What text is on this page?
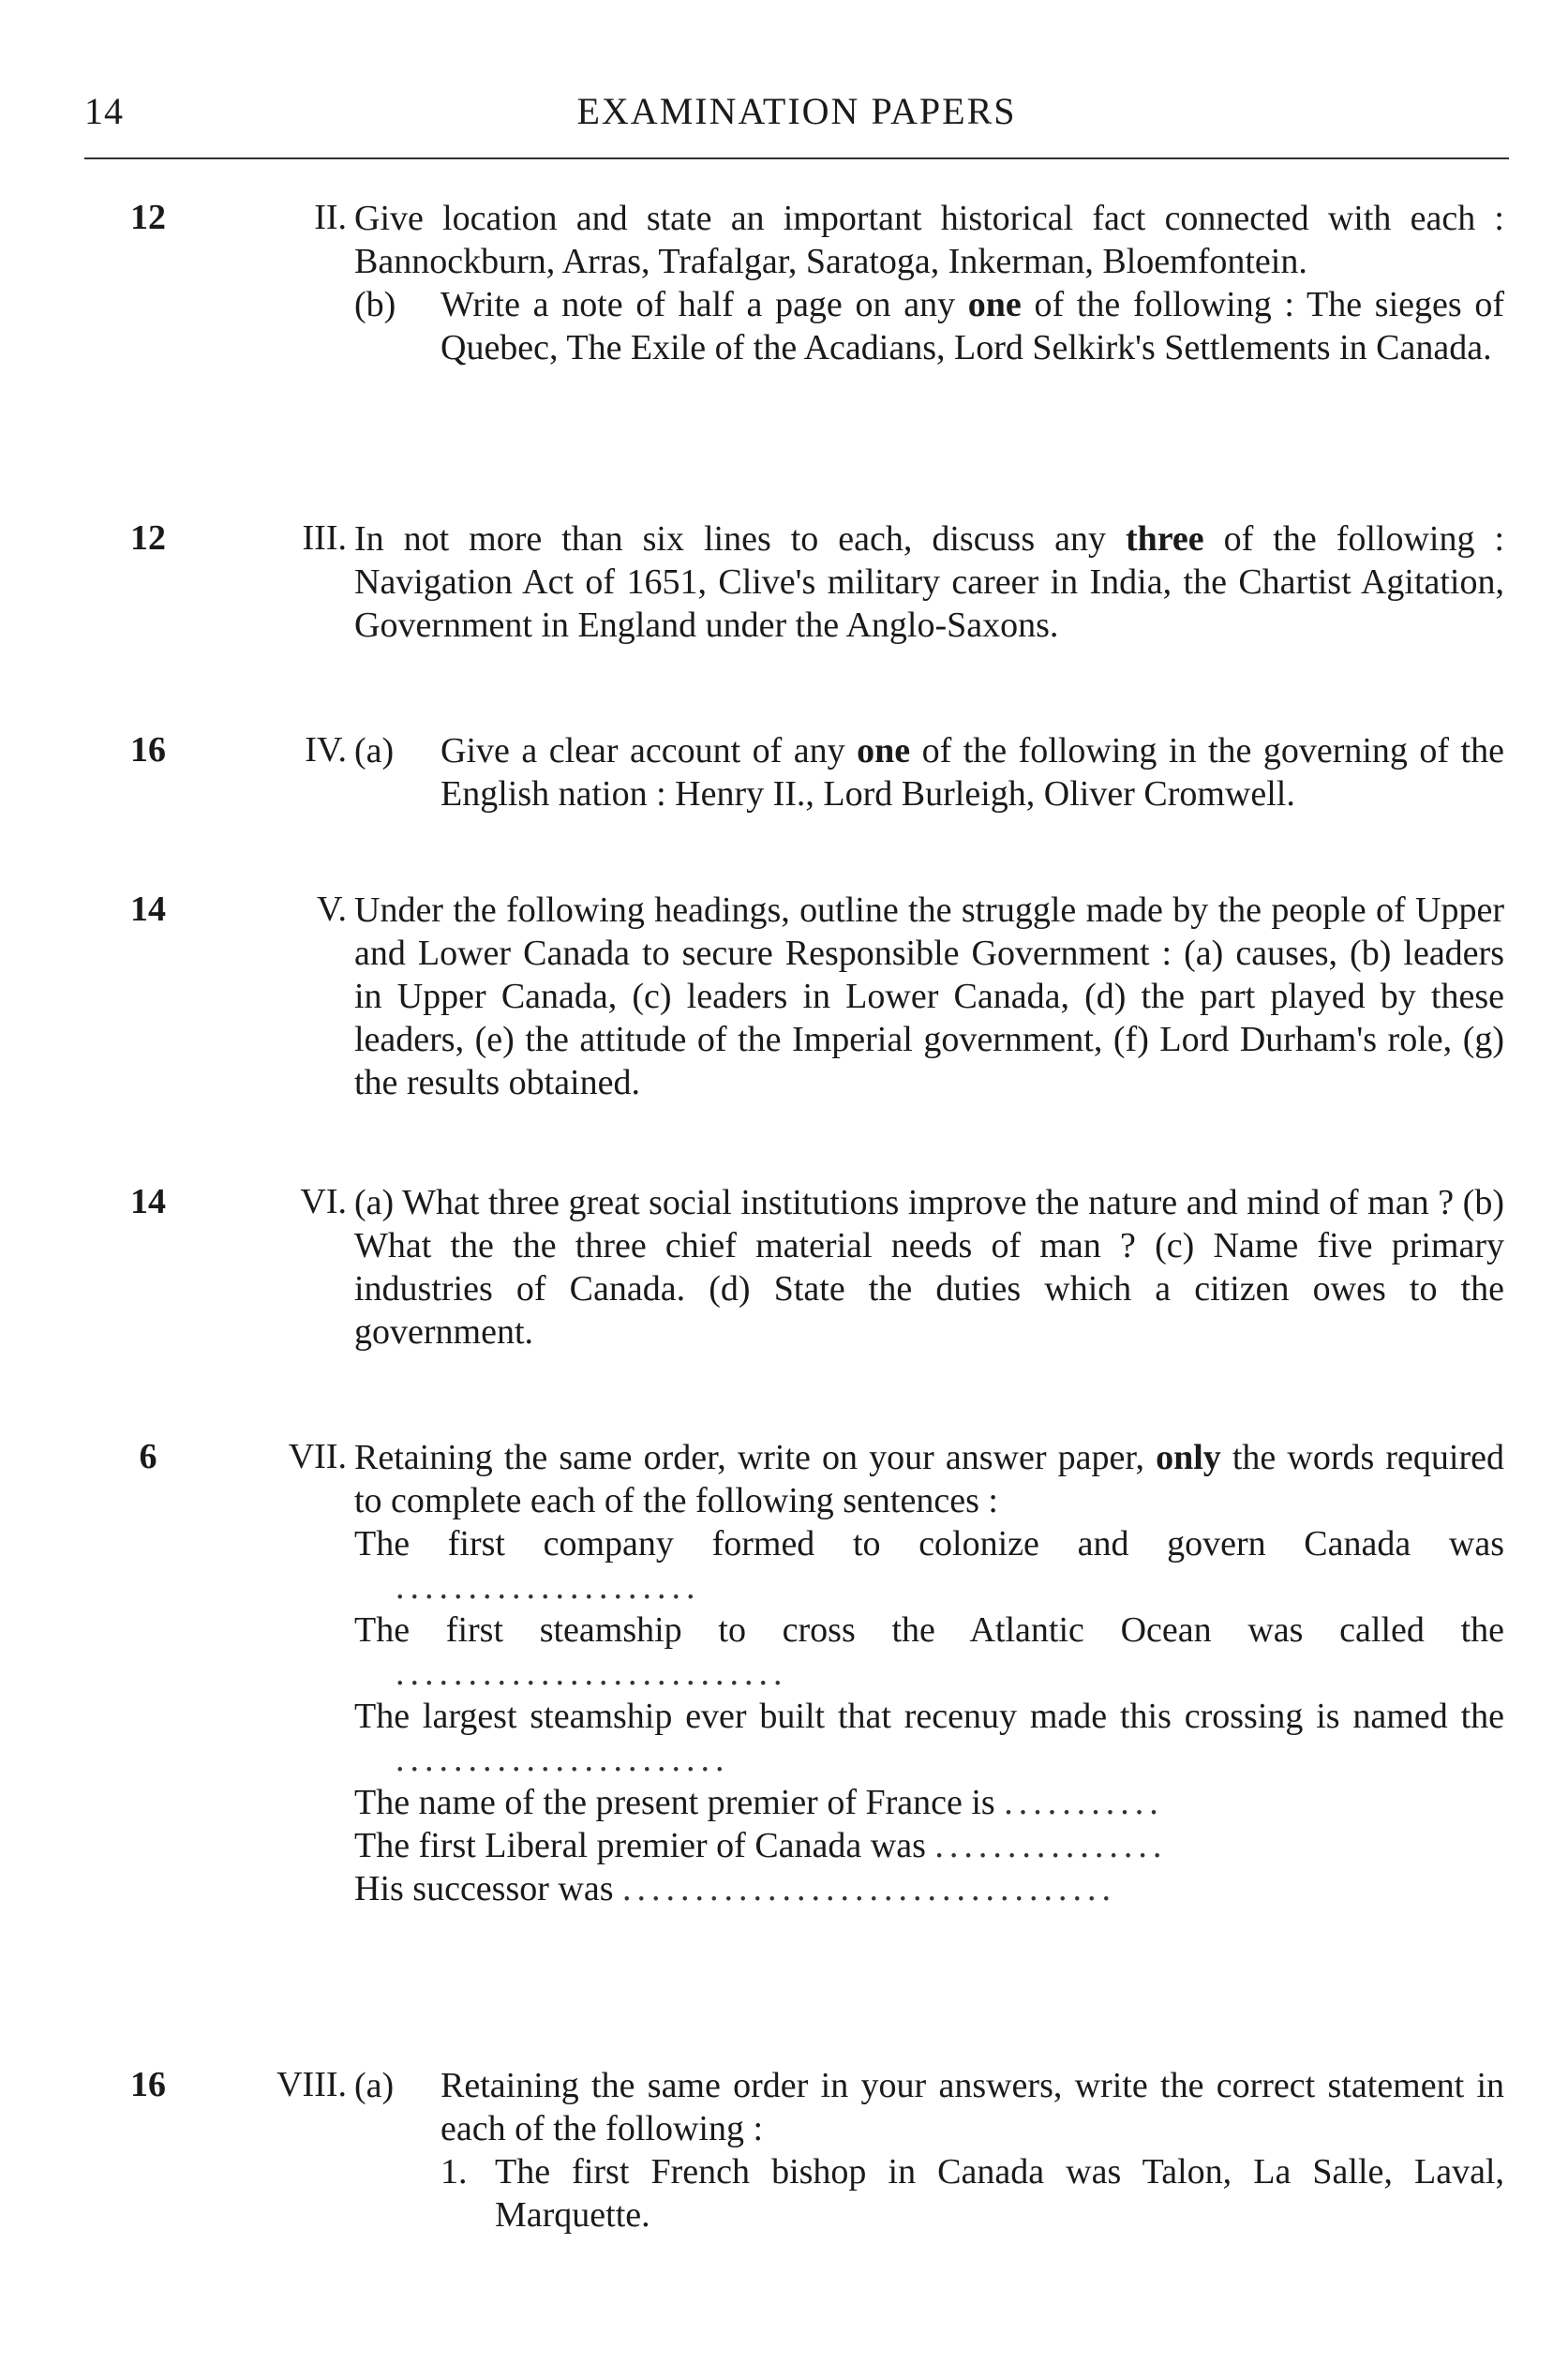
14	EXAMINATION PAPERS
12	II. Give location and state an important historical fact connected with each : Bannockburn, Arras, Trafalgar, Saratoga, Inkerman, Bloemfontein.

(b) Write a note of half a page on any one of the following : The sieges of Quebec, The Exile of the Acadians, Lord Selkirk's Settlements in Canada.

12	III. In not more than six lines to each, discuss any three of the following : Navigation Act of 1651, Clive's military career in India, the Chartist Agitation, Government in England under the Anglo-Saxons.

16	IV. (a) Give a clear account of any one of the following in the governing of the English nation : Henry II., Lord Burleigh, Oliver Cromwell.

14	V. Under the following headings, outline the struggle made by the people of Upper and Lower Canada to secure Responsible Government : (a) causes, (b) leaders in Upper Canada, (c) leaders in Lower Canada, (d) the part played by these leaders, (e) the attitude of the Imperial government, (f) Lord Durham's role, (g) the results obtained.

14	VI. (a) What three great social institutions improve the nature and mind of man ? (b) What the the three chief material needs of man ? (c) Name five primary industries of Canada. (d) State the duties which a citizen owes to the government.

6	VII. Retaining the same order, write on your answer paper, only the words required to complete each of the following sentences :

The first company formed to colonize and govern Canada was .....................

The first steamship to cross the Atlantic Ocean was called the ...........................

The largest steamship ever built that recenuy made this crossing is named the .......................

The name of the present premier of France is ...........

The first Liberal premier of Canada was ................

His successor was ..................................

16	VIII. (a) Retaining the same order in your answers, write the correct statement in each of the following :

1. The first French bishop in Canada was Talon, La Salle, Laval, Marquette.
